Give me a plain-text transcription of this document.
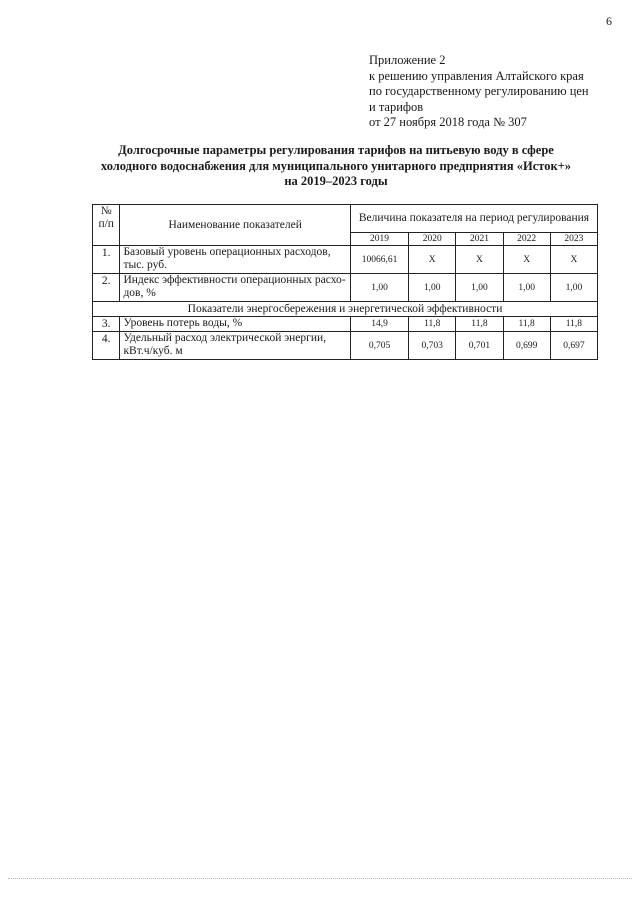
6
Приложение 2
к решению управления Алтайского края
по государственному регулированию цен
и тарифов
от 27 ноября 2018 года № 307
Долгосрочные параметры регулирования тарифов на питьевую воду в сфере
холодного водоснабжения для муниципального унитарного предприятия «Исток+»
на 2019–2023 годы
№ п/п	Наименование показателей	Величина показателя на период регулирования				
		2019	2020	2021	2022	2023
1.	Базовый уровень операционных расходов, тыс. руб.	10066,61	X	X	X	X
2.	Индекс эффективности операционных расхо-дов, %	1,00	1,00	1,00	1,00	1,00
Показатели энергосбережения и энергетической эффективности						
3.	Уровень потерь воды, %	14,9	11,8	11,8	11,8	11,8
4.	Удельный расход электрической энергии, кВт.ч/куб. м	0,705	0,703	0,701	0,699	0,697
